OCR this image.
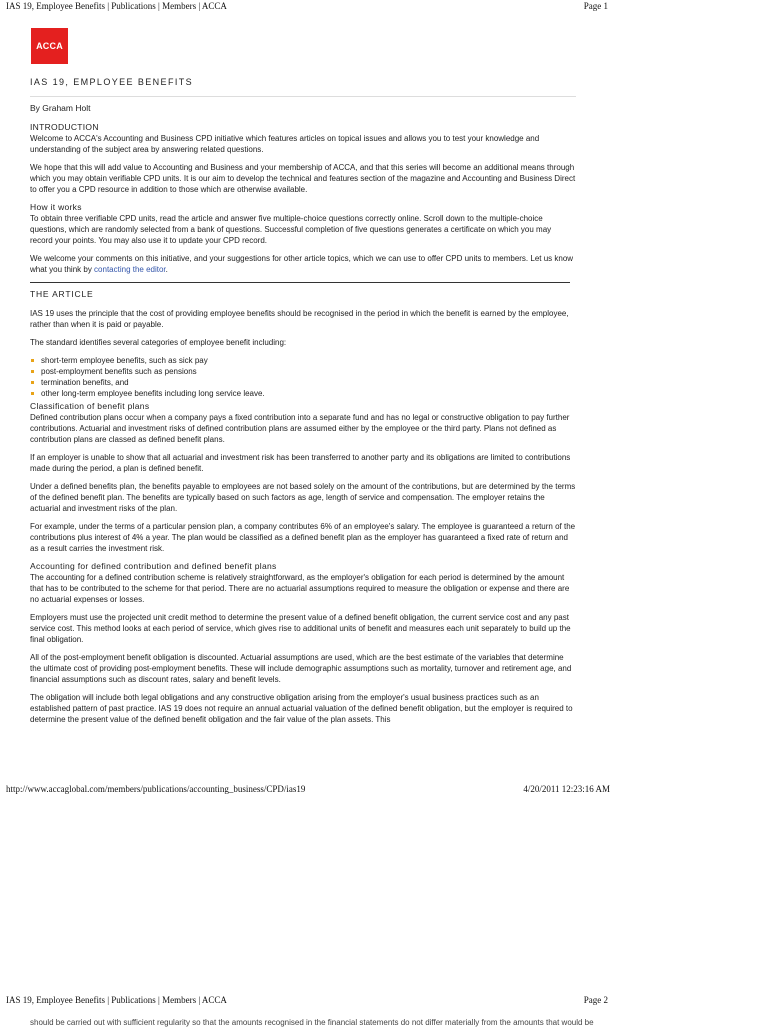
IAS 19, Employee Benefits | Publications | Members | ACCA	Page 1
ACCA
IAS 19, EMPLOYEE BENEFITS
By Graham Holt
INTRODUCTION

Welcome to ACCA's Accounting and Business CPD initiative which features articles on topical issues and allows you to test your knowledge and understanding of the subject area by answering related questions.

We hope that this will add value to Accounting and Business and your membership of ACCA, and that this series will become an additional means through which you may obtain verifiable CPD units. It is our aim to develop the technical and features section of the magazine and Accounting and Business Direct to offer you a CPD resource in addition to those which are otherwise available.

How it works

To obtain three verifiable CPD units, read the article and answer five multiple-choice questions correctly online. Scroll down to the multiple-choice questions, which are randomly selected from a bank of questions. Successful completion of five questions generates a certificate on which you may record your points. You may also use it to update your CPD record.

We welcome your comments on this initiative, and your suggestions for other article topics, which we can use to offer CPD units to members. Let us know what you think by contacting the editor.

THE ARTICLE

IAS 19 uses the principle that the cost of providing employee benefits should be recognised in the period in which the benefit is earned by the employee, rather than when it is paid or payable.

The standard identifies several categories of employee benefit including:

short-term employee benefits, such as sick pay
post-employment benefits such as pensions
termination benefits, and
other long-term employee benefits including long service leave.
Classification of benefit plans

Defined contribution plans occur when a company pays a fixed contribution into a separate fund and has no legal or constructive obligation to pay further contributions. Actuarial and investment risks of defined contribution plans are assumed either by the employee or the third party. Plans not defined as contribution plans are classed as defined benefit plans.

If an employer is unable to show that all actuarial and investment risk has been transferred to another party and its obligations are limited to contributions made during the period, a plan is defined benefit.

Under a defined benefits plan, the benefits payable to employees are not based solely on the amount of the contributions, but are determined by the terms of the defined benefit plan. The benefits are typically based on such factors as age, length of service and compensation. The employer retains the actuarial and investment risks of the plan.

For example, under the terms of a particular pension plan, a company contributes 6% of an employee's salary. The employee is guaranteed a return of the contributions plus interest of 4% a year. The plan would be classified as a defined benefit plan as the employer has guaranteed a fixed rate of return and as a result carries the investment risk.

Accounting for defined contribution and defined benefit plans

The accounting for a defined contribution scheme is relatively straightforward, as the employer's obligation for each period is determined by the amount that has to be contributed to the scheme for that period. There are no actuarial assumptions required to measure the obligation or expense and there are no actuarial expenses or losses.

Employers must use the projected unit credit method to determine the present value of a defined benefit obligation, the current service cost and any past service cost. This method looks at each period of service, which gives rise to additional units of benefit and measures each unit separately to build up the final obligation.

All of the post-employment benefit obligation is discounted. Actuarial assumptions are used, which are the best estimate of the variables that determine the ultimate cost of providing post-employment benefits. These will include demographic assumptions such as mortality, turnover and retirement age, and financial assumptions such as discount rates, salary and benefit levels.

The obligation will include both legal obligations and any constructive obligation arising from the employer's usual business practices such as an established pattern of past practice. IAS 19 does not require an annual actuarial valuation of the defined benefit obligation, but the employer is required to determine the present value of the defined benefit obligation and the fair value of the plan assets. This

http://www.accaglobal.com/members/publications/accounting_business/CPD/ias19	4/20/2011 12:23:16 AM
IAS 19, Employee Benefits | Publications | Members | ACCA	Page 2
should be carried out with sufficient regularity so that the amounts recognised in the financial statements do not differ materially from the amounts that would be
